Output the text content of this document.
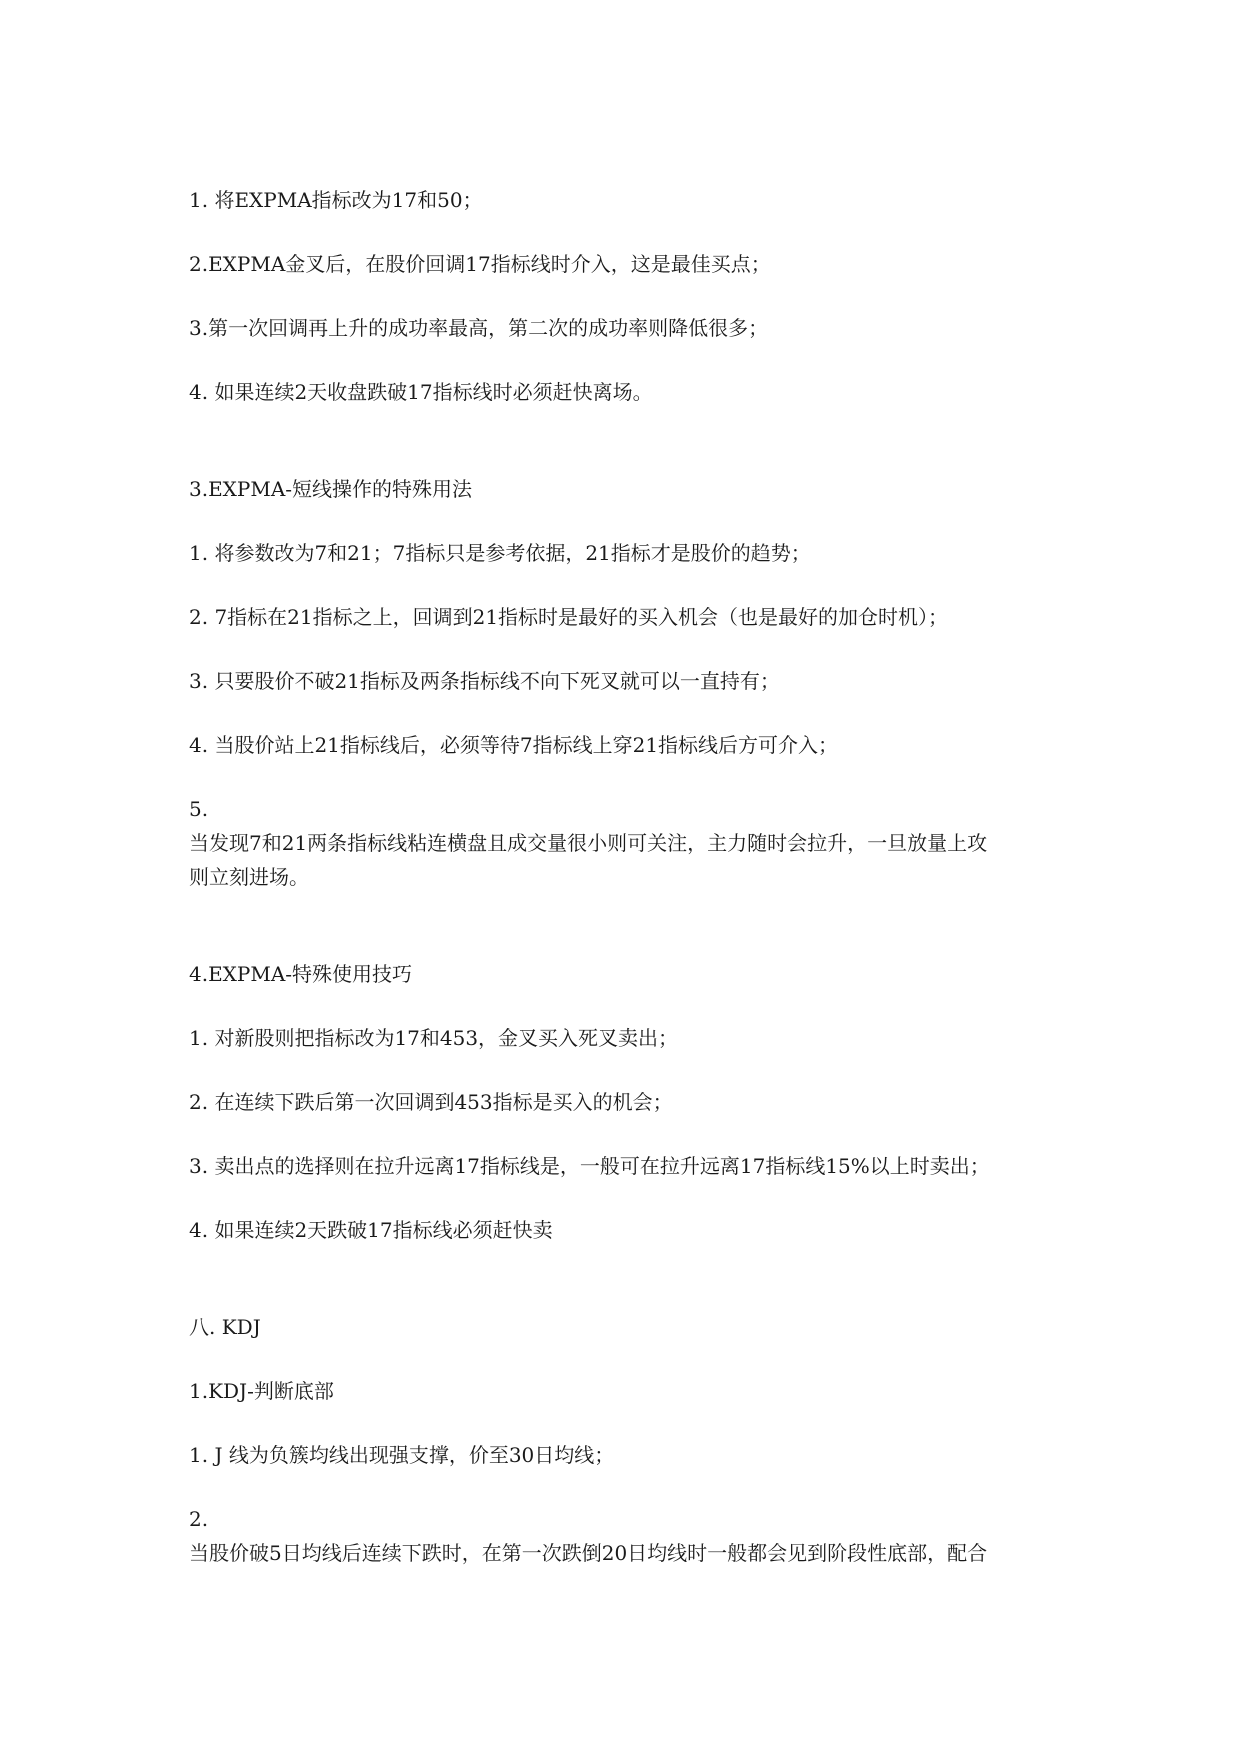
1. 将EXPMA指标改为17和50；
2.EXPMA金叉后，在股价回调17指标线时介入，这是最佳买点；
3.第一次回调再上升的成功率最高，第二次的成功率则降低很多；
4. 如果连续2天收盘跌破17指标线时必须赶快离场。
3.EXPMA-短线操作的特殊用法
1. 将参数改为7和21；7指标只是参考依据，21指标才是股价的趋势；
2. 7指标在21指标之上，回调到21指标时是最好的买入机会（也是最好的加仓时机）；
3. 只要股价不破21指标及两条指标线不向下死叉就可以一直持有；
4. 当股价站上21指标线后，必须等待7指标线上穿21指标线后方可介入；
5.
当发现7和21两条指标线粘连横盘且成交量很小则可关注，主力随时会拉升，一旦放量上攻
则立刻进场。
4.EXPMA-特殊使用技巧
1. 对新股则把指标改为17和453，金叉买入死叉卖出；
2. 在连续下跌后第一次回调到453指标是买入的机会；
3. 卖出点的选择则在拉升远离17指标线是，一般可在拉升远离17指标线15%以上时卖出；
4. 如果连续2天跌破17指标线必须赶快卖
八. KDJ
1.KDJ-判断底部
1. J 线为负簇均线出现强支撑，价至30日均线；
2.
当股价破5日均线后连续下跌时，在第一次跌倒20日均线时一般都会见到阶段性底部，配合
